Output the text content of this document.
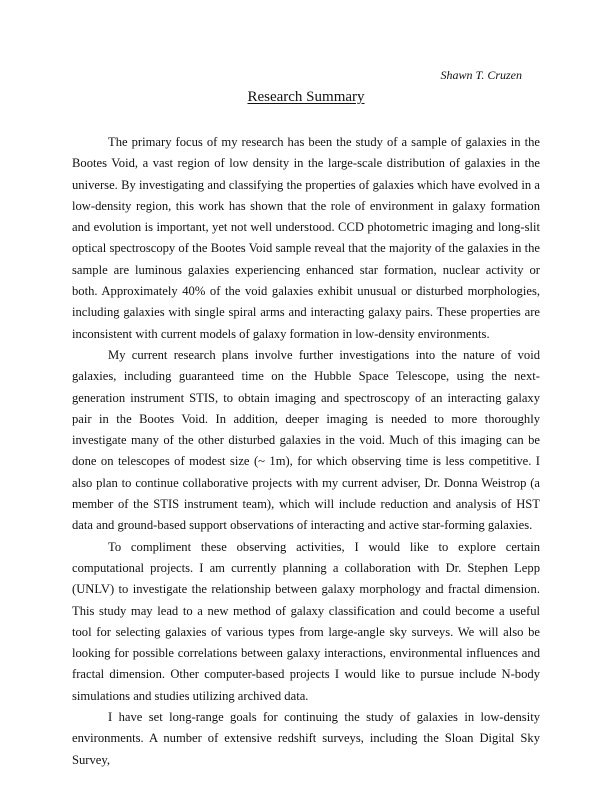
Shawn T. Cruzen
Research Summary

The primary focus of my research has been the study of a sample of galaxies in the Bootes Void, a vast region of low density in the large-scale distribution of galaxies in the universe. By investigating and classifying the properties of galaxies which have evolved in a low-density region, this work has shown that the role of environment in galaxy formation and evolution is important, yet not well understood. CCD photometric imaging and long-slit optical spectroscopy of the Bootes Void sample reveal that the majority of the galaxies in the sample are luminous galaxies experiencing enhanced star formation, nuclear activity or both. Approximately 40% of the void galaxies exhibit unusual or disturbed morphologies, including galaxies with single spiral arms and interacting galaxy pairs. These properties are inconsistent with current models of galaxy formation in low-density environments.

My current research plans involve further investigations into the nature of void galaxies, including guaranteed time on the Hubble Space Telescope, using the next-generation instrument STIS, to obtain imaging and spectroscopy of an interacting galaxy pair in the Bootes Void. In addition, deeper imaging is needed to more thoroughly investigate many of the other disturbed galaxies in the void. Much of this imaging can be done on telescopes of modest size (~ 1m), for which observing time is less competitive. I also plan to continue collaborative projects with my current adviser, Dr. Donna Weistrop (a member of the STIS instrument team), which will include reduction and analysis of HST data and ground-based support observations of interacting and active star-forming galaxies.

To compliment these observing activities, I would like to explore certain computational projects. I am currently planning a collaboration with Dr. Stephen Lepp (UNLV) to investigate the relationship between galaxy morphology and fractal dimension. This study may lead to a new method of galaxy classification and could become a useful tool for selecting galaxies of various types from large-angle sky surveys. We will also be looking for possible correlations between galaxy interactions, environmental influences and fractal dimension. Other computer-based projects I would like to pursue include N-body simulations and studies utilizing archived data.

I have set long-range goals for continuing the study of galaxies in low-density environments. A number of extensive redshift surveys, including the Sloan Digital Sky Survey,
